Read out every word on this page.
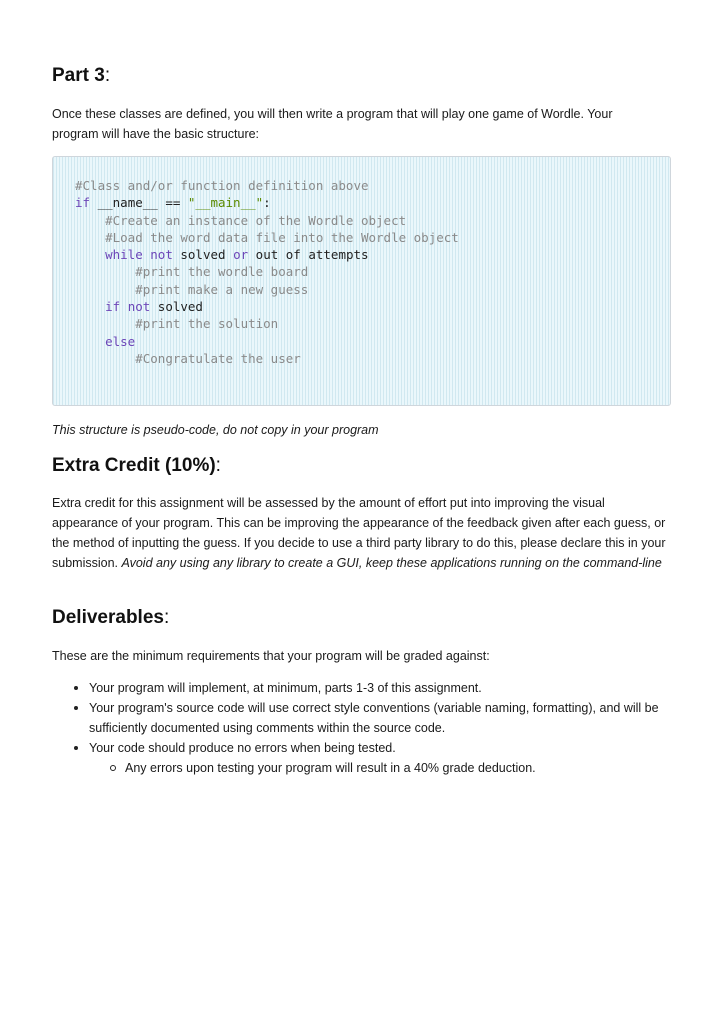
Part 3:

Once these classes are defined, you will then write a program that will play one game of Wordle. Your program will have the basic structure:

#Class and/or function definition above
if __name__ == "__main__":
#Create an instance of the Wordle object
#Load the word data file into the Wordle object
while not solved or out of attempts
#print the wordle board
#print make a new guess
if not solved
#print the solution
else
#Congratulate the user

This structure is pseudo-code, do not copy in your program

Extra Credit (10%):

Extra credit for this assignment will be assessed by the amount of effort put into improving the visual appearance of your program. This can be improving the appearance of the feedback given after each guess, or the method of inputting the guess. If you decide to use a third party library to do this, please declare this in your submission. Avoid any using any library to create a GUI, keep these applications running on the command-line

Deliverables:

These are the minimum requirements that your program will be graded against:

Your program will implement, at minimum, parts 1-3 of this assignment.
Your program's source code will use correct style conventions (variable naming, formatting), and will be sufficiently documented using comments within the source code.
Your code should produce no errors when being tested.
Any errors upon testing your program will result in a 40% grade deduction.
